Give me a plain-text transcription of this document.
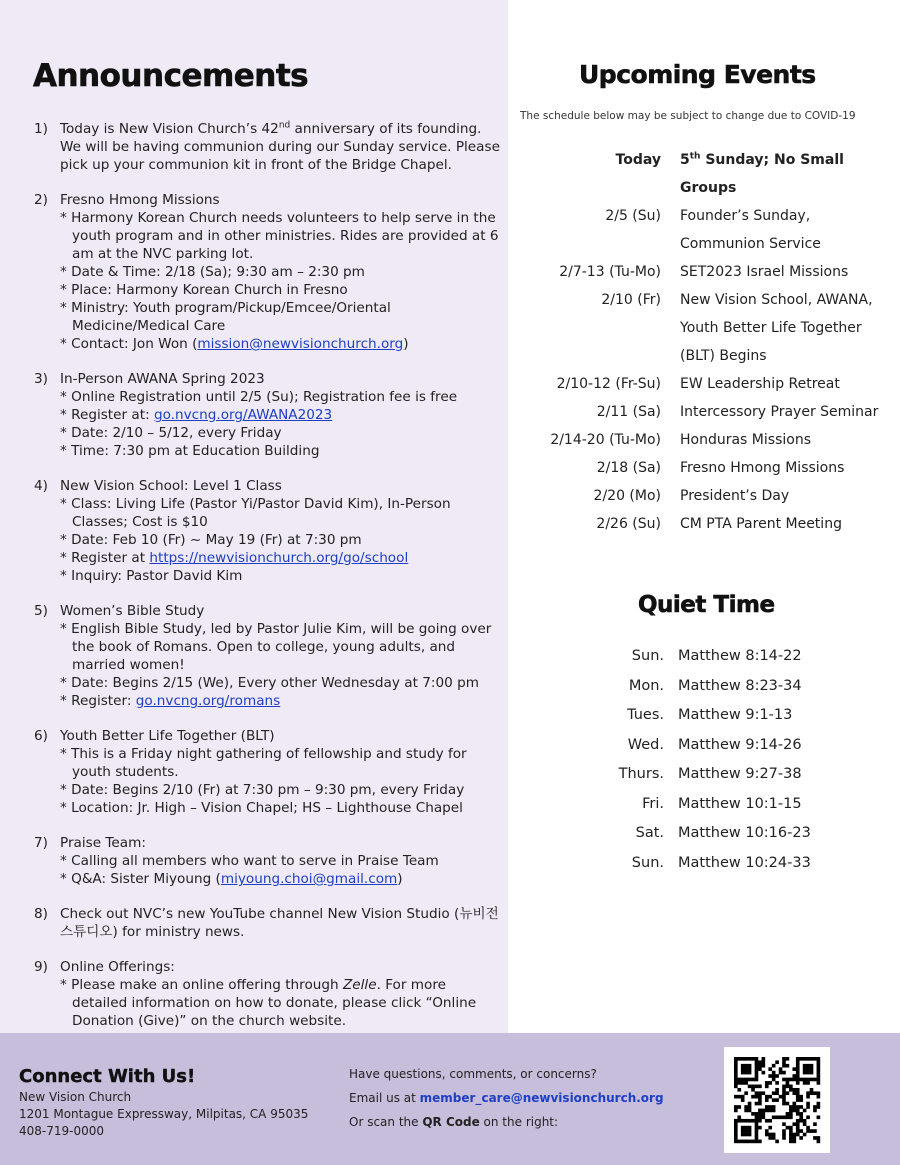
Announcements
1) Today is New Vision Church’s 42nd anniversary of its founding. We will be having communion during our Sunday service. Please pick up your communion kit in front of the Bridge Chapel.
2) Fresno Hmong Missions
* Harmony Korean Church needs volunteers to help serve in the youth program and in other ministries. Rides are provided at 6 am at the NVC parking lot.
* Date & Time: 2/18 (Sa); 9:30 am – 2:30 pm
* Place: Harmony Korean Church in Fresno
* Ministry: Youth program/Pickup/Emcee/Oriental Medicine/Medical Care
* Contact: Jon Won (mission@newvisionchurch.org)
3) In-Person AWANA Spring 2023
* Online Registration until 2/5 (Su); Registration fee is free
* Register at: go.nvcng.org/AWANA2023
* Date: 2/10 – 5/12, every Friday
* Time: 7:30 pm at Education Building
4) New Vision School: Level 1 Class
* Class: Living Life (Pastor Yi/Pastor David Kim), In-Person Classes; Cost is $10
* Date: Feb 10 (Fr) ~ May 19 (Fr) at 7:30 pm
* Register at https://newvisionchurch.org/go/school
* Inquiry: Pastor David Kim
5) Women’s Bible Study
* English Bible Study, led by Pastor Julie Kim, will be going over the book of Romans. Open to college, young adults, and married women!
* Date: Begins 2/15 (We), Every other Wednesday at 7:00 pm
* Register: go.nvcng.org/romans
6) Youth Better Life Together (BLT)
* This is a Friday night gathering of fellowship and study for youth students.
* Date: Begins 2/10 (Fr) at 7:30 pm – 9:30 pm, every Friday
* Location: Jr. High – Vision Chapel; HS – Lighthouse Chapel
7) Praise Team:
* Calling all members who want to serve in Praise Team
* Q&A: Sister Miyoung (miyoung.choi@gmail.com)
8) Check out NVC’s new YouTube channel New Vision Studio (뉴비전 스튜디오) for ministry news.
9) Online Offerings:
* Please make an online offering through Zelle. For more detailed information on how to donate, please click “Online Donation (Give)” on the church website.
Upcoming Events
The schedule below may be subject to change due to COVID-19
Today	5th Sunday; No Small Groups
2/5 (Su)	Founder’s Sunday, Communion Service
2/7-13 (Tu-Mo)	SET2023 Israel Missions
2/10 (Fr)	New Vision School, AWANA, Youth Better Life Together (BLT) Begins
2/10-12 (Fr-Su)	EW Leadership Retreat
2/11 (Sa)	Intercessory Prayer Seminar
2/14-20 (Tu-Mo)	Honduras Missions
2/18 (Sa)	Fresno Hmong Missions
2/20 (Mo)	President’s Day
2/26 (Su)	CM PTA Parent Meeting
Quiet Time
Sun.	Matthew 8:14-22
Mon.	Matthew 8:23-34
Tues.	Matthew 9:1-13
Wed.	Matthew 9:14-26
Thurs.	Matthew 9:27-38
Fri.	Matthew 10:1-15
Sat.	Matthew 10:16-23
Sun.	Matthew 10:24-33
Connect With Us!
New Vision Church
1201 Montague Expressway, Milpitas, CA 95035
408-719-0000
Have questions, comments, or concerns?
Email us at member_care@newvisionchurch.org
Or scan the QR Code on the right:
